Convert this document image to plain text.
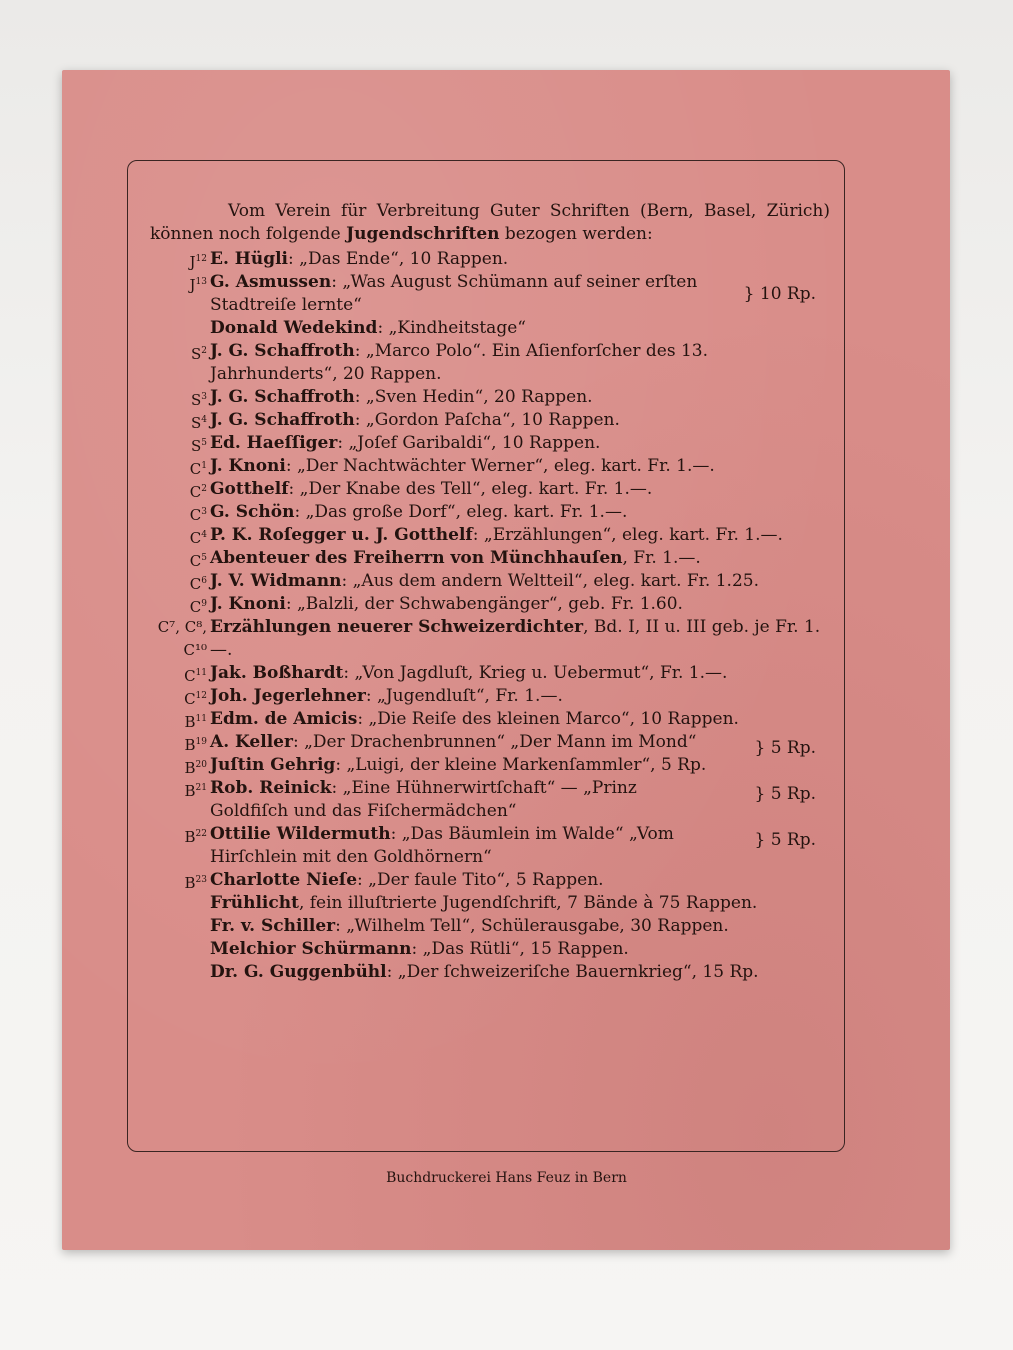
Vom Verein für Verbreitung Guter Schriften (Bern, Basel, Zürich) können noch folgende Jugendschriften bezogen werden:
$J^{12}$ E. Hügli: „Das Ende“, 10 Rappen.
$J^{13}$ G. Asmussen: „Was August Schümann auf seiner erſten Stadtreiſe lernte“
} 10 Rp.
Donald Wedekind: „Kindheitstage“
$S^2$ J. G. Schaffroth: „Marco Polo“. Ein Aſienforſcher des 13. Jahrhunderts“, 20 Rappen.
$S^3$ J. G. Schaffroth: „Sven Hedin“, 20 Rappen.
$S^4$ J. G. Schaffroth: „Gordon Paſcha“, 10 Rappen.
$S^5$ Ed. Haeſſiger: „Joſef Garibaldi“, 10 Rappen.
$C^1$ J. Knoni: „Der Nachtwächter Werner“, eleg. kart. Fr. 1.—.
$C^2$ Gotthelf: „Der Knabe des Tell“, eleg. kart. Fr. 1.—.
$C^3$ G. Schön: „Das große Dorf“, eleg. kart. Fr. 1.—.
$C^4$ P. K. Roſegger u. J. Gotthelf: „Erzählungen“, eleg. kart. Fr. 1.—.
$C^5$ Abenteuer des Freiherrn von Münchhauſen, Fr. 1.—.
$C^6$ J. V. Widmann: „Aus dem andern Weltteil“, eleg. kart. Fr. 1.25.
$C^9$ J. Knoni: „Balzli, der Schwabengänger“, geb. Fr. 1.60.
C⁷, C⁸, C¹⁰
Erzählungen neuerer Schweizerdichter, Bd. I, II u. III geb. je Fr. 1.—.
$C^{11}$ Jak. Boßhardt: „Von Jagdluſt, Krieg u. Uebermut“, Fr. 1.—.
$C^{12}$ Joh. Jegerlehner: „Jugendluſt“, Fr. 1.—.
$B^{11}$ Edm. de Amicis: „Die Reiſe des kleinen Marco“, 10 Rappen.
$B^{19}$ A. Keller: „Der Drachenbrunnen“ „Der Mann im Mond“	} 5 Rp.
$B^{20}$ Juſtin Gehrig: „Luigi, der kleine Markenſammler“, 5 Rp.
$B^{21}$ Rob. Reinick: „Eine Hühnerwirtſchaft“ — „Prinz Goldfiſch und das Fiſchermädchen“
} 5 Rp.
$B^{22}$ Ottilie Wildermuth: „Das Bäumlein im Walde“ „Vom Hirſchlein mit den Goldhörnern“
} 5 Rp.
$B^{23}$ Charlotte Nieſe: „Der faule Tito“, 5 Rappen.
Frühlicht, fein illuſtrierte Jugendſchrift, 7 Bände à 75 Rappen.
Fr. v. Schiller: „Wilhelm Tell“, Schülerausgabe, 30 Rappen.
Melchior Schürmann: „Das Rütli“, 15 Rappen.
Dr. G. Guggenbühl: „Der ſchweizeriſche Bauernkrieg“, 15 Rp.
Buchdruckerei Hans Feuz in Bern
